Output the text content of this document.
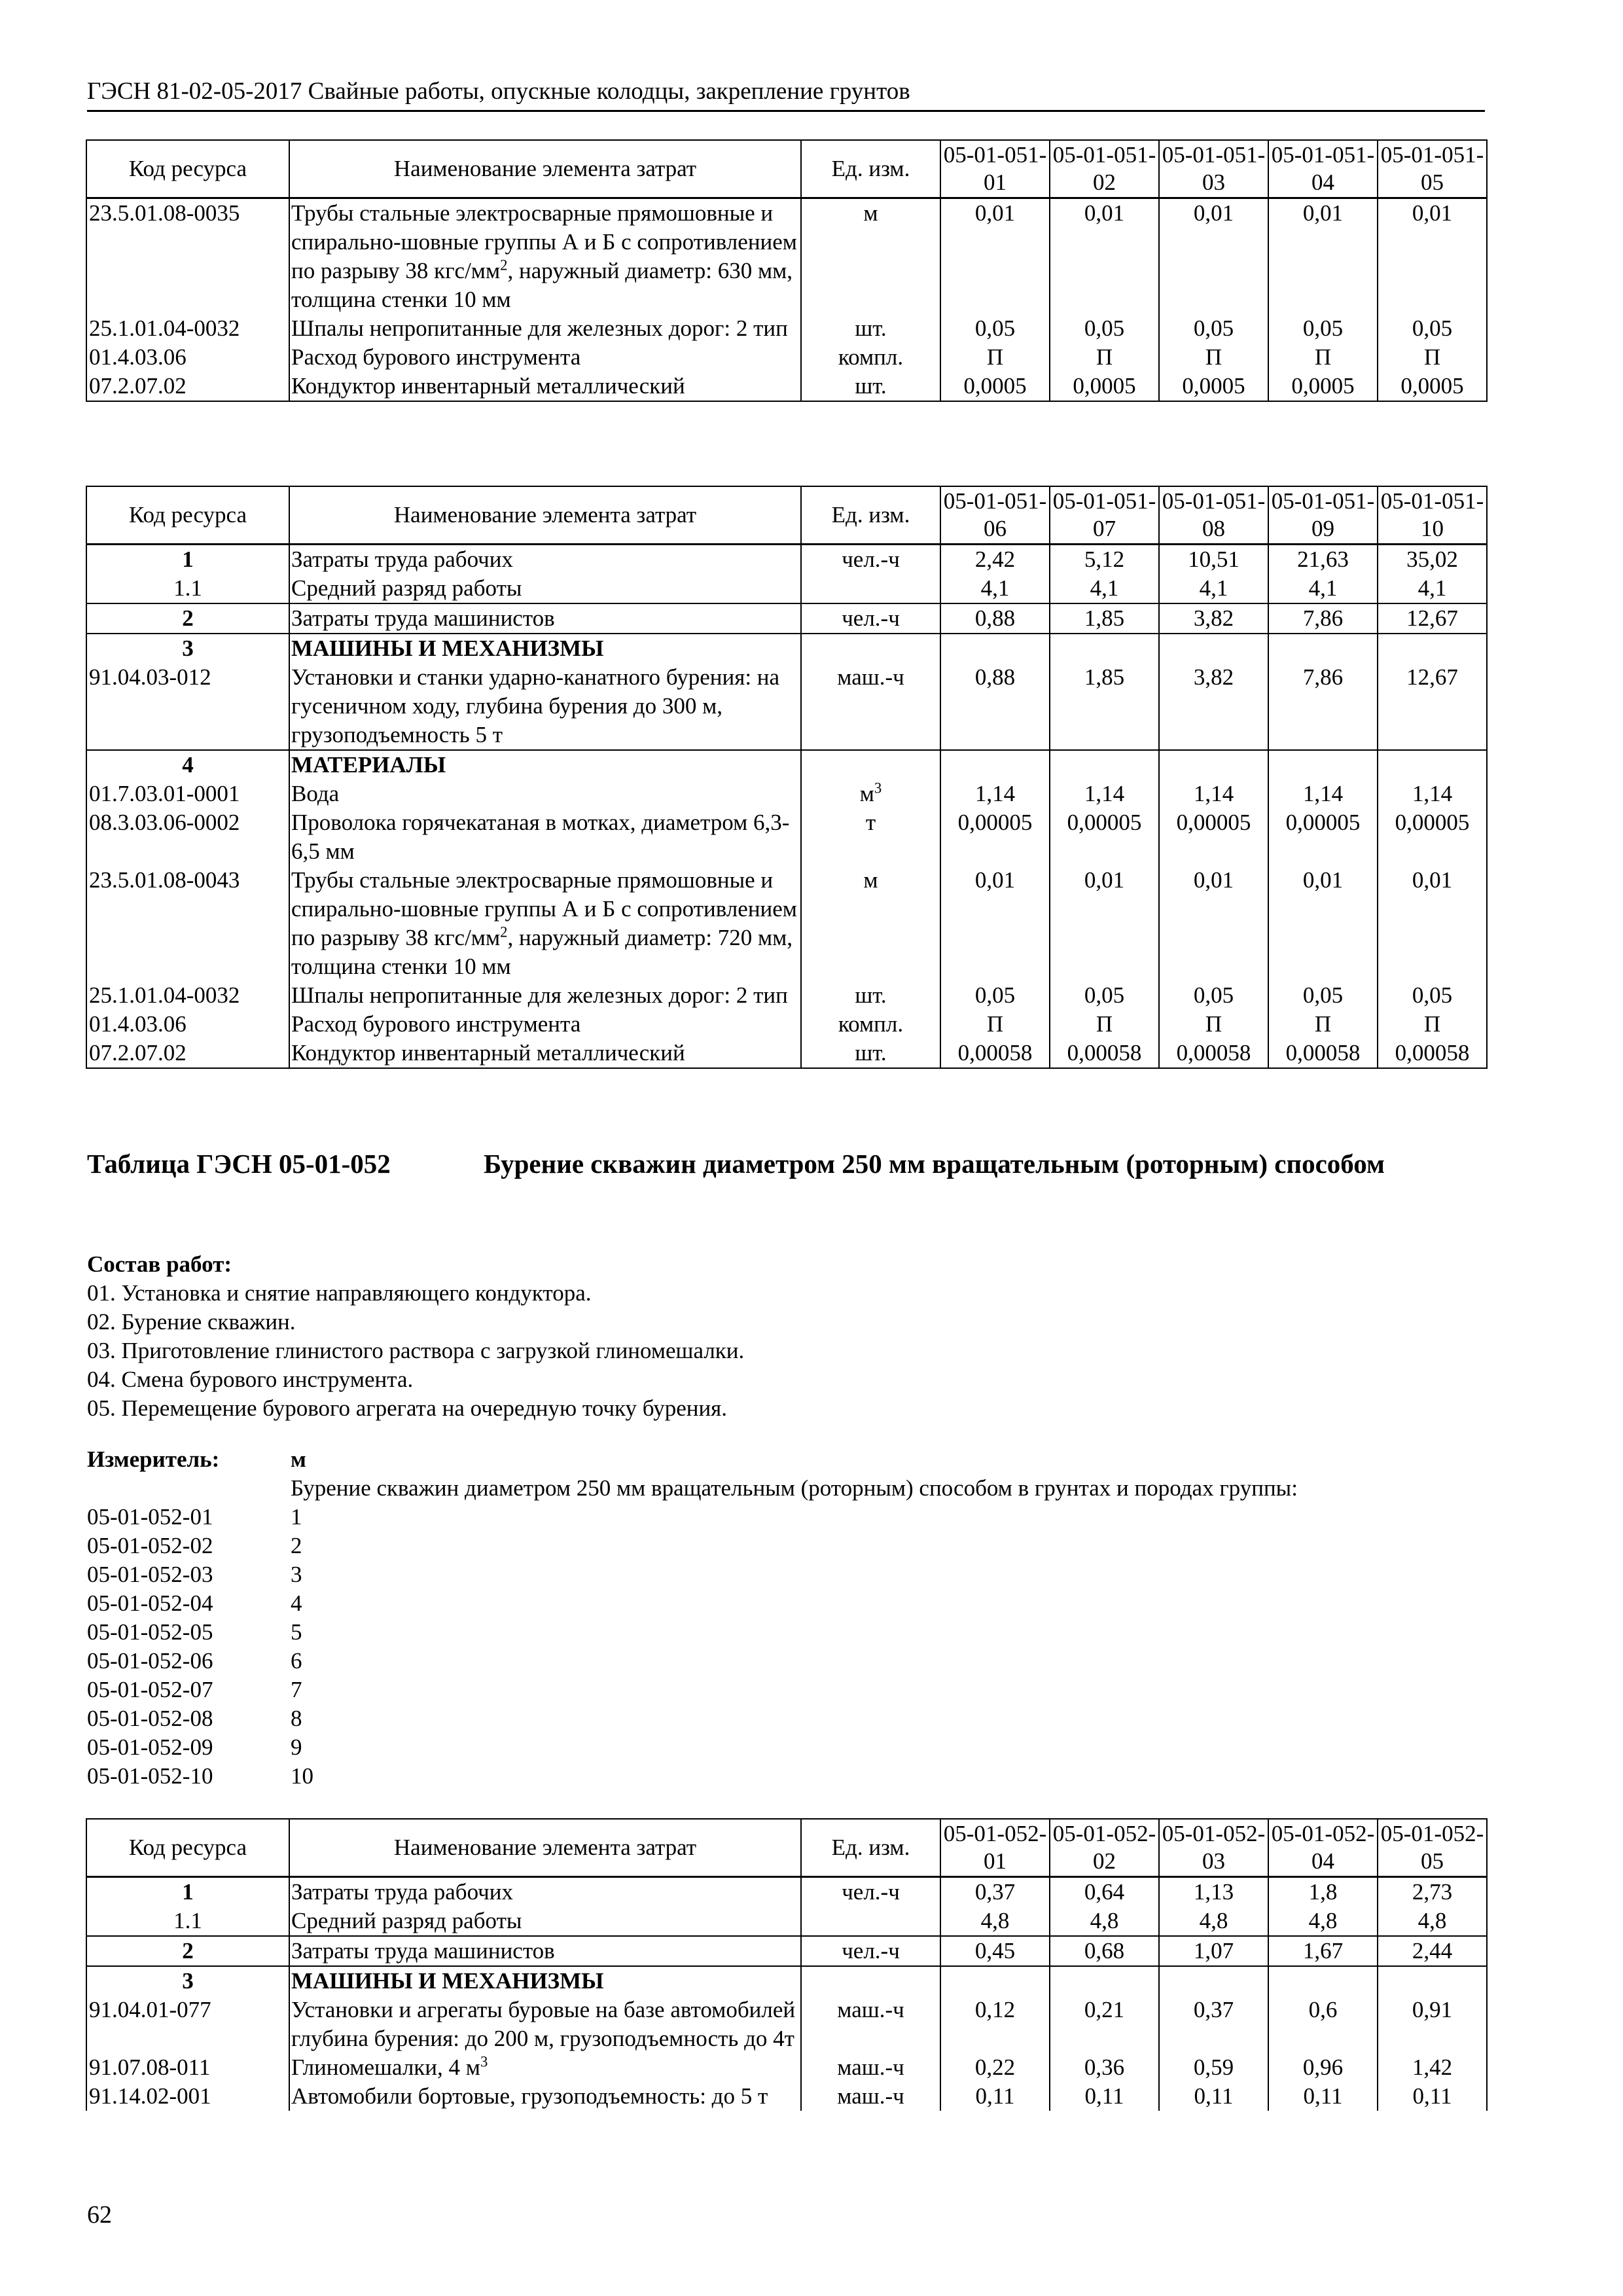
ГЭСН 81-02-05-2017 Свайные работы, опускные колодцы, закрепление грунтов
Код ресурса	Наименование элемента затрат	Ед. изм.	05-01-051-01	05-01-051-02	05-01-051-03	05-01-051-04	05-01-051-05
23.5.01.08-0035	Трубы стальные электросварные прямошовные и спирально-шовные группы А и Б с сопротивлением по разрыву 38 кгс/$мм^2$, наружный диаметр: 630 мм, толщина стенки 10 мм	м	0,01	0,01	0,01	0,01	0,01
25.1.01.04-0032	Шпалы непропитанные для железных дорог: 2 тип	шт.	0,05	0,05	0,05	0,05	0,05
01.4.03.06	Расход бурового инструмента	компл.	П	П	П	П	П
07.2.07.02	Кондуктор инвентарный металлический	шт.	0,0005	0,0005	0,0005	0,0005	0,0005
Код ресурса	Наименование элемента затрат	Ед. изм.	05-01-051-06	05-01-051-07	05-01-051-08	05-01-051-09	05-01-051-10
1	Затраты труда рабочих	чел.-ч	2,42	5,12	10,51	21,63	35,02
1.1	Средний разряд работы		4,1	4,1	4,1	4,1	4,1
2	Затраты труда машинистов	чел.-ч	0,88	1,85	3,82	7,86	12,67
3	МАШИНЫ И МЕХАНИЗМЫ						
91.04.03-012	Установки и станки ударно-канатного бурения: на гусеничном ходу, глубина бурения до 300 м, грузоподъемность 5 т	маш.-ч	0,88	1,85	3,82	7,86	12,67
4	МАТЕРИАЛЫ						
01.7.03.01-0001	Вода	$м^3$	1,14	1,14	1,14	1,14	1,14
08.3.03.06-0002	Проволока горячекатаная в мотках, диаметром 6,3-6,5 мм	т	0,00005	0,00005	0,00005	0,00005	0,00005
23.5.01.08-0043	Трубы стальные электросварные прямошовные и спирально-шовные группы А и Б с сопротивлением по разрыву 38 кгс/$мм^2$, наружный диаметр: 720 мм, толщина стенки 10 мм	м	0,01	0,01	0,01	0,01	0,01
25.1.01.04-0032	Шпалы непропитанные для железных дорог: 2 тип	шт.	0,05	0,05	0,05	0,05	0,05
01.4.03.06	Расход бурового инструмента	компл.	П	П	П	П	П
07.2.07.02	Кондуктор инвентарный металлический	шт.	0,00058	0,00058	0,00058	0,00058	0,00058
Таблица ГЭСН 05-01-052	Бурение скважин диаметром 250 мм вращательным (роторным) способом
Состав работ:
01. Установка и снятие направляющего кондуктора.
02. Бурение скважин.
03. Приготовление глинистого раствора с загрузкой глиномешалки.
04. Смена бурового инструмента.
05. Перемещение бурового агрегата на очередную точку бурения.
Измеритель:	м
Бурение скважин диаметром 250 мм вращательным (роторным) способом в грунтах и породах группы:
05-01-052-01	1
05-01-052-02	2
05-01-052-03	3
05-01-052-04	4
05-01-052-05	5
05-01-052-06	6
05-01-052-07	7
05-01-052-08	8
05-01-052-09	9
05-01-052-10	10
Код ресурса	Наименование элемента затрат	Ед. изм.	05-01-052-01	05-01-052-02	05-01-052-03	05-01-052-04	05-01-052-05
1	Затраты труда рабочих	чел.-ч	0,37	0,64	1,13	1,8	2,73
1.1	Средний разряд работы		4,8	4,8	4,8	4,8	4,8
2	Затраты труда машинистов	чел.-ч	0,45	0,68	1,07	1,67	2,44
3	МАШИНЫ И МЕХАНИЗМЫ						
91.04.01-077	Установки и агрегаты буровые на базе автомобилей глубина бурения: до 200 м, грузоподъемность до 4т	маш.-ч	0,12	0,21	0,37	0,6	0,91
91.07.08-011	Глиномешалки, 4 $м^3$	маш.-ч	0,22	0,36	0,59	0,96	1,42
91.14.02-001	Автомобили бортовые, грузоподъемность: до 5 т	маш.-ч	0,11	0,11	0,11	0,11	0,11
62
